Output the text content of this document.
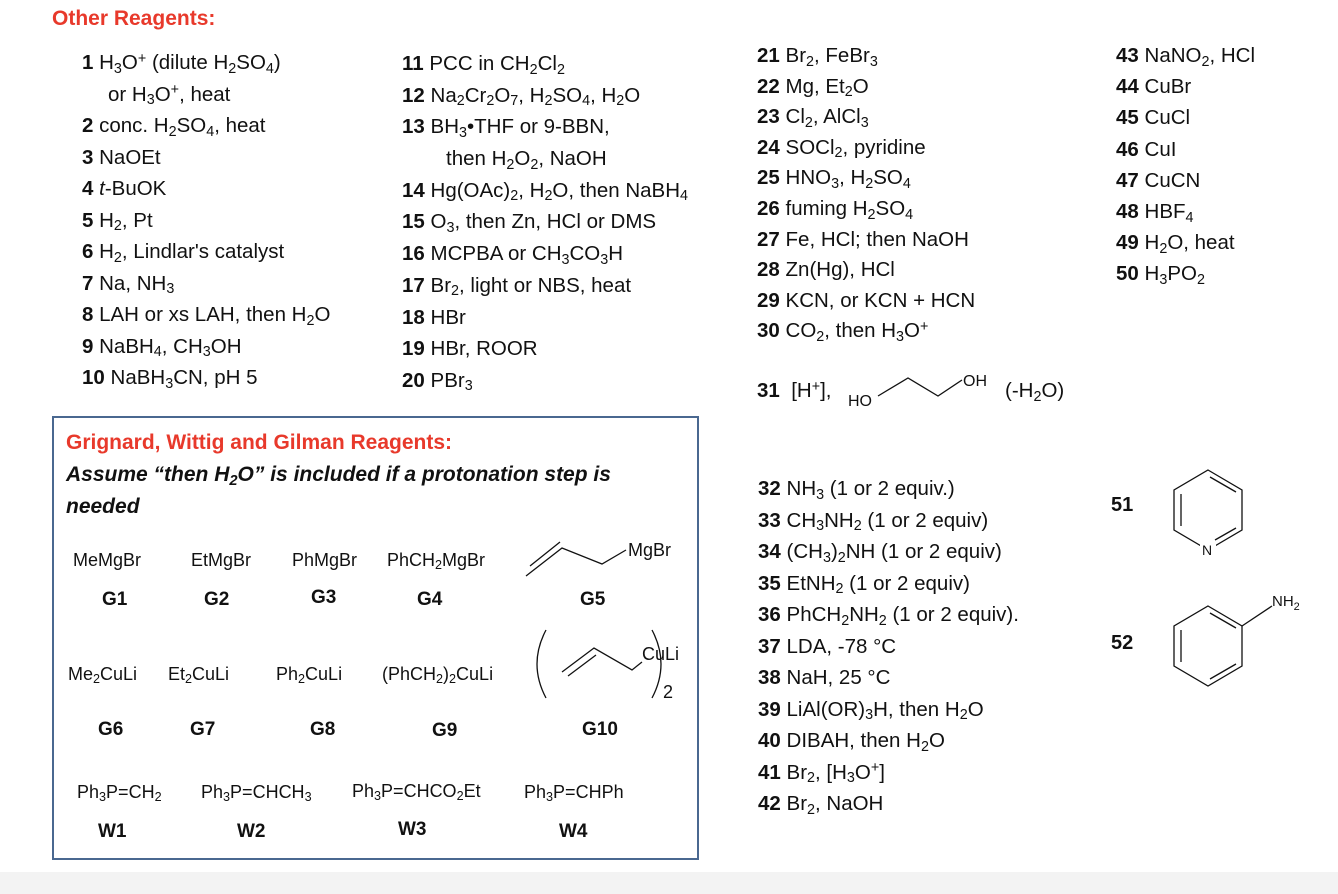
Other Reagents:
1 $H_3O^+$ (dilute $H_2SO_4$)
or $H_3O^+$, heat
2 conc. $H_2SO_4$, heat
3 NaOEt
4 t-BuOK
5 $H_2$, Pt
6 $H_2$, Lindlar's catalyst
7 Na, $NH_3$
8 LAH or xs LAH, then $H_2O$
9 NaBH$_4$, $CH_3OH$
10 NaBH$_3$CN, pH 5
11 PCC in $CH_2Cl_2$
12 $Na_2Cr_2O_7$, $H_2SO_4$, $H_2O$
13 $BH_3•THF$ or 9-BBN,
then $H_2O_2$, NaOH
14 $Hg(OAc)_2$, $H_2O$, then NaBH$_4$
15 $O_3$, then Zn, HCl or DMS
16 MCPBA or $CH_3CO_3H$
17 $Br_2$, light or NBS, heat
18 HBr
19 HBr, ROOR
20 PBr$_3$
21 $Br_2$, FeBr$_3$
22 Mg, $Et_2O$
23 $Cl_2$, AlCl$_3$
24 SOCl$_2$, pyridine
25 $HNO_3$, $H_2SO_4$
26 fuming $H_2SO_4$
27 Fe, HCl; then NaOH
28 Zn(Hg), HCl
29 KCN, or KCN + HCN
30 $CO_2$, then $H_3O^+$
32 $NH_3$ (1 or 2 equiv.)
33 $CH_3NH_2$ (1 or 2 equiv)
34 $(CH_3)_2NH$ (1 or 2 equiv)
35 EtNH$_2$ (1 or 2 equiv)
36 $PhCH_2NH_2$ (1 or 2 equiv).
37 LDA, -78 °C
38 NaH, 25 °C
39 $LiAl(OR)_3H$, then $H_2O$
40 DIBAH, then $H_2O$
41 $Br_2$, $[H_3O^+]$
42 $Br_2$, NaOH
43 NaNO$_2$, HCl
44 CuBr
45 CuCl
46 CuI
47 CuCN
48 $HBF_4$
49 $H_2O$, heat
50 $H_3PO_2$
31 [H+], HO
OH $(-H_2O)$
51
N
52
$NH_2$
Grignard, Wittig and Gilman Reagents:
Assume “then $H_2O$” is included if a protonation step is
needed
MeMgBr	EtMgBr PhMgBr PhCH$_2$MgBr	MgBr
G1	G2	G3	G4	G5
$Me_2CuLi$ $Et_2CuLi$	$Ph_2CuLi$ $(PhCH_2)_2CuLi$
CuLi
2
G6	G7	G8	G9	G10
$Ph_3P=CH_2$ $Ph_3P=CHCH_3$ $Ph_3P=CHCO_2Et$ $Ph_3P=CHPh$
W1	W2	W3	W4
